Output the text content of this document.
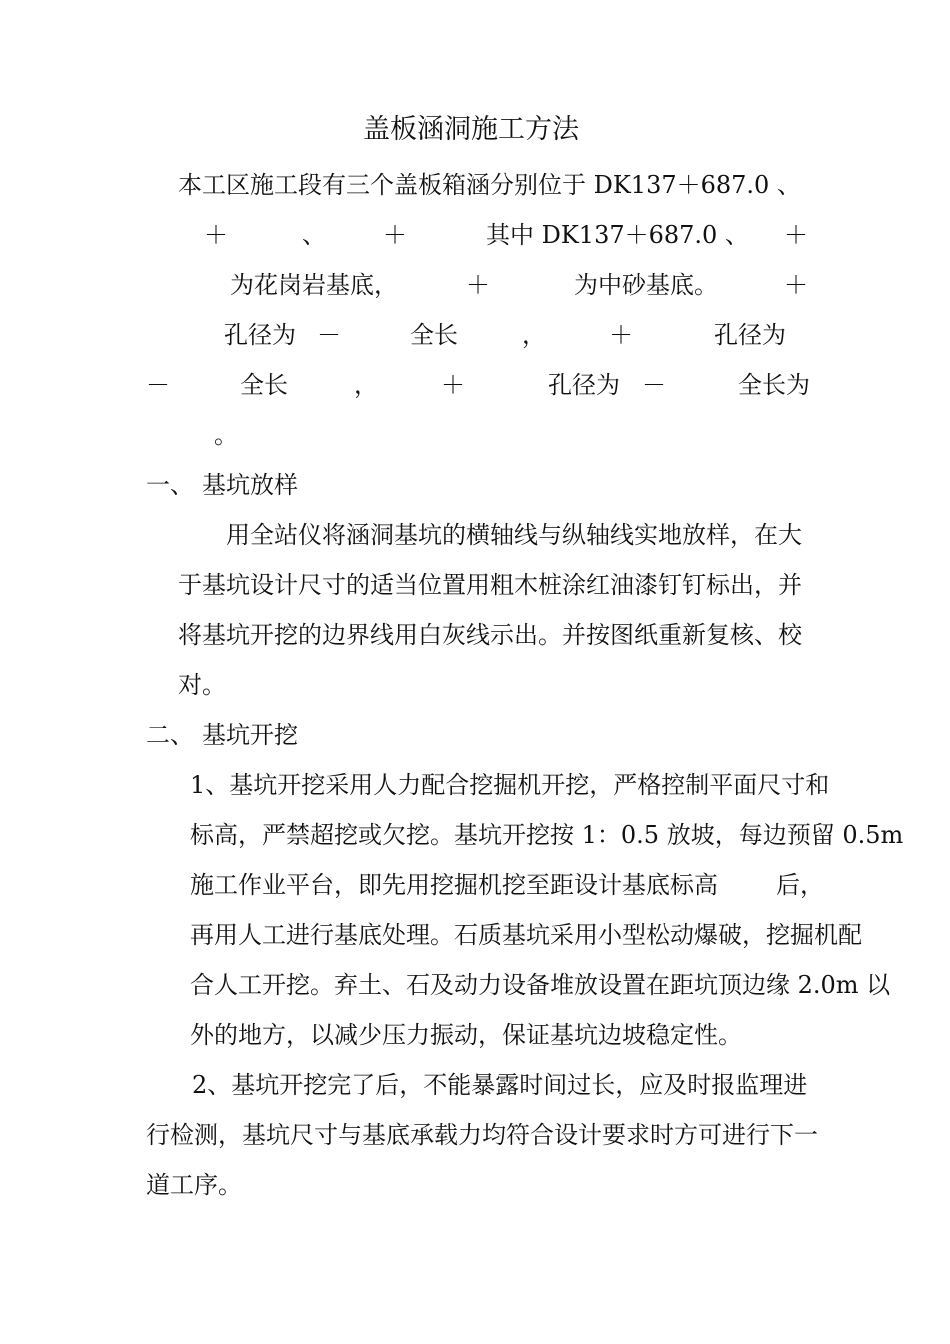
盖板涵洞施工方法
本工区施工段有三个盖板箱涵分别位于 DK137＋687.0 、
＋	、 ＋	其中 DK137＋687.0 、 ＋
为花岗岩基底，	＋	为中砂基底。	＋
孔径为 －	全长	，	＋	孔径为
－	全长	，	＋	孔径为 －	全长为
。
一、 基坑放样
用全站仪将涵洞基坑的横轴线与纵轴线实地放样，在大
于基坑设计尺寸的适当位置用粗木桩涂红油漆钉钉标出，并
将基坑开挖的边界线用白灰线示出。并按图纸重新复核、校
对。
二、 基坑开挖
1、基坑开挖采用人力配合挖掘机开挖，严格控制平面尺寸和
标高，严禁超挖或欠挖。基坑开挖按 1：0.5 放坡，每边预留 0.5m
施工作业平台，即先用挖掘机挖至距设计基底标高 后，
再用人工进行基底处理。石质基坑采用小型松动爆破，挖掘机配
合人工开挖。弃土、石及动力设备堆放设置在距坑顶边缘 2.0m 以
外的地方，以减少压力振动，保证基坑边坡稳定性。
2、基坑开挖完了后，不能暴露时间过长，应及时报监理进
行检测，基坑尺寸与基底承载力均符合设计要求时方可进行下一
道工序。
